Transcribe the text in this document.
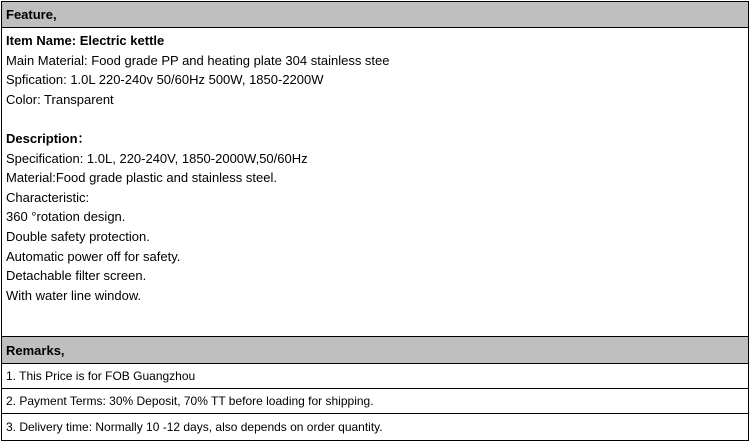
Feature,
Item Name: Electric kettle
Main Material: Food grade PP and heating plate 304 stainless stee
Spfication: 1.0L 220-240v 50/60Hz 500W, 1850-2200W
Color: Transparent
Description：
Specification: 1.0L, 220-240V, 1850-2000W,50/60Hz
Material:Food grade plastic and stainless steel.
Characteristic:
360 °rotation design.
Double safety protection.
Automatic power off for safety.
Detachable filter screen.
With water line window.
Remarks,
1. This Price is for FOB Guangzhou
2. Payment Terms: 30% Deposit, 70% TT before loading for shipping.
3. Delivery time: Normally 10 -12 days, also depends on order quantity.
